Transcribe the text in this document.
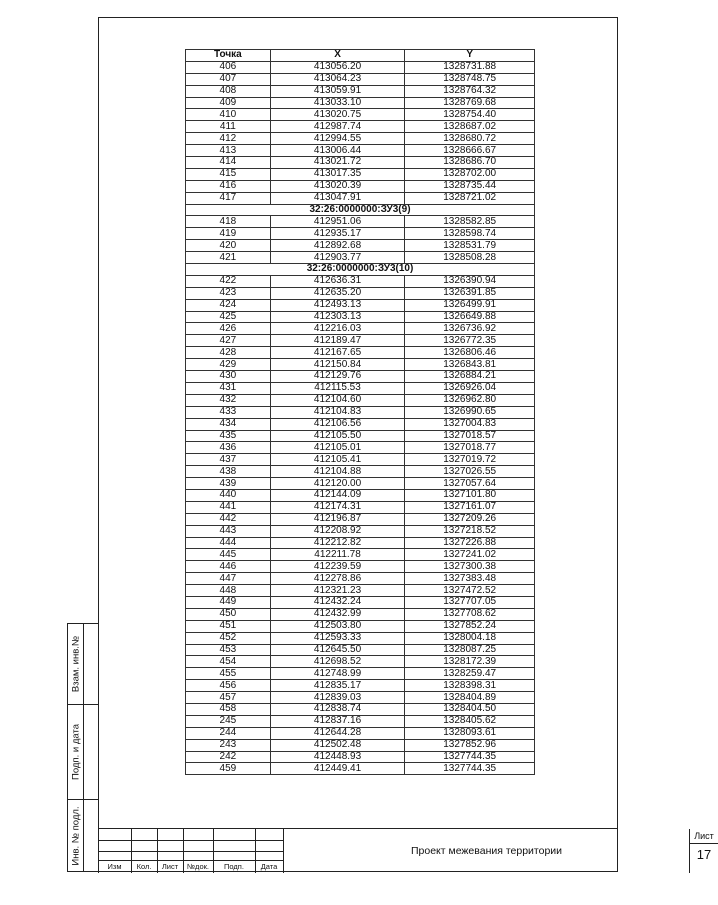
Взам. инв.№
Подп. и дата
Инв. № подл.
Точка	X	Y
406	413056.20	1328731.88
407	413064.23	1328748.75
408	413059.91	1328764.32
409	413033.10	1328769.68
410	413020.75	1328754.40
411	412987.74	1328687.02
412	412994.55	1328680.72
413	413006.44	1328666.67
414	413021.72	1328686.70
415	413017.35	1328702.00
416	413020.39	1328735.44
417	413047.91	1328721.02
32:26:0000000:ЗУ3(9)		
418	412951.06	1328582.85
419	412935.17	1328598.74
420	412892.68	1328531.79
421	412903.77	1328508.28
32:26:0000000:ЗУ3(10)		
422	412636.31	1326390.94
423	412635.20	1326391.85
424	412493.13	1326499.91
425	412303.13	1326649.88
426	412216.03	1326736.92
427	412189.47	1326772.35
428	412167.65	1326806.46
429	412150.84	1326843.81
430	412129.76	1326884.21
431	412115.53	1326926.04
432	412104.60	1326962.80
433	412104.83	1326990.65
434	412106.56	1327004.83
435	412105.50	1327018.57
436	412105.01	1327018.77
437	412105.41	1327019.72
438	412104.88	1327026.55
439	412120.00	1327057.64
440	412144.09	1327101.80
441	412174.31	1327161.07
442	412196.87	1327209.26
443	412208.92	1327218.52
444	412212.82	1327226.88
445	412211.78	1327241.02
446	412239.59	1327300.38
447	412278.86	1327383.48
448	412321.23	1327472.52
449	412432.24	1327707.05
450	412432.99	1327708.62
451	412503.80	1327852.24
452	412593.33	1328004.18
453	412645.50	1328087.25
454	412698.52	1328172.39
455	412748.99	1328259.47
456	412835.17	1328398.31
457	412839.03	1328404.89
458	412838.74	1328404.50
245	412837.16	1328405.62
244	412644.28	1328093.61
243	412502.48	1327852.96
242	412448.93	1327744.35
459	412449.41	1327744.35
Изм	Кол.	Лист	№док.	Подп.	Дата
Проект межевания территории
Лист
17
